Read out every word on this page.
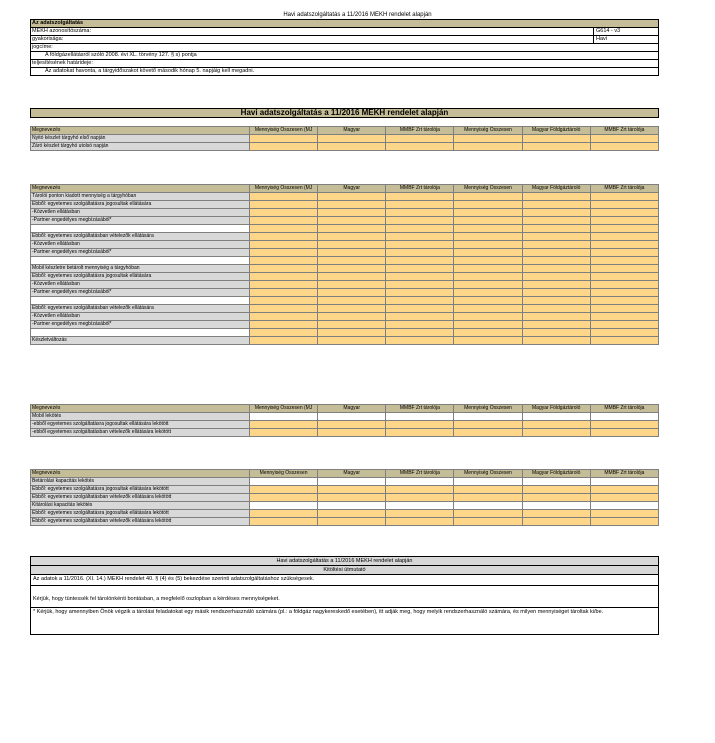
Havi adatszolgáltatás a 11/2016 MEKH rendelet alapján
Az adatszolgáltatás
MEKH azonosítószáma:	G614 - v3
gyakorisága:	Havi
jogcíme:
A földgázellátásról szóló 2008. évi XL. törvény 127. § s) pontja
teljesítésének határideje:
Az adatokat havonta, a tárgyidőszakot követő második hónap 5. napjáig kell megadni.
Havi adatszolgáltatás a 11/2016 MEKH rendelet alapján
Megnevezés	Mennyiség Összesen (MJ	Magyar	MMBF Zrt tárolója	Mennyiség Összesen	Magyar Földgáztároló	MMBF Zrt tárolója
Nyitó készlet tárgyhó első napján						
Záró készlet tárgyhó utolsó napján						
Megnevezés	Mennyiség Összesen (MJ	Magyar	MMBF Zrt tárolója	Mennyiség Összesen	Magyar Földgáztároló	MMBF Zrt tárolója
Tárolói ponton kiadott mennyiség a tárgyhóban						
Ebből: egyetemes szolgáltatásra jogosultak ellátására						
-Közvetlen ellátásban						
-Partner engedélyes megbízásából*						

Ebből: egyetemes szolgáltatásban vételezők ellátására						
-Közvetlen ellátásban						
-Partner engedélyes megbízásából*						

Mobil készletre betárolt mennyiség a tárgyhóban						
Ebből: egyetemes szolgáltatásra jogosultak ellátására						
-Közvetlen ellátásban						
-Partner engedélyes megbízásából*						

Ebből: egyetemes szolgáltatásban vételezők ellátására						
-Közvetlen ellátásban						
-Partner engedélyes megbízásából*						

Készletváltozás						
Megnevezés	Mennyiség Összesen (MJ	Magyar	MMBF Zrt tárolója	Mennyiség Összesen	Magyar Földgáztároló	MMBF Zrt tárolója
Mobil lekötés						
-ebből egyetemes szolgáltatásra jogosultak ellátására lekötött						
-ebből egyetemes szolgáltatásban vételezők ellátására lekötött						
Megnevezés	Mennyiség Összesen	Magyar	MMBF Zrt tárolója	Mennyiség Összesen	Magyar Földgáztároló	MMBF Zrt tárolója
Betárolási kapacitás lekötés						
Ebből: egyetemes szolgáltatásra jogosultak ellátására lekötött						
Ebből: egyetemes szolgáltatásban vételezők ellátására lekötött						
Kitárolási kapacitás lekötés						
Ebből: egyetemes szolgáltatásra jogosultak ellátására lekötött						
Ebből: egyetemes szolgáltatásban vételezők ellátására lekötött						
Havi adatszolgáltatás a 11/2016 MEKH rendelet alapján
Kitöltési útmutató
Az adatok a 11/2016. (XI. 14.) MEKH rendelet 40. § (4) és (5) bekezdése szerinti adatszolgáltatáshoz szükségesek.
Kérjük, hogy tüntessék fel tárolónkénti bontásban, a megfelelő oszlopban a kérdéses mennyiségeket.
* Kérjük, hogy amennyiben Önök végzik a tárolási feladatokat egy másik rendszerhasználó számára (pl.: a földgáz nagykereskedő esetében), itt adják meg, hogy melyik rendszerhasználó számára, és milyen mennyiséget tároltak ki/be.
